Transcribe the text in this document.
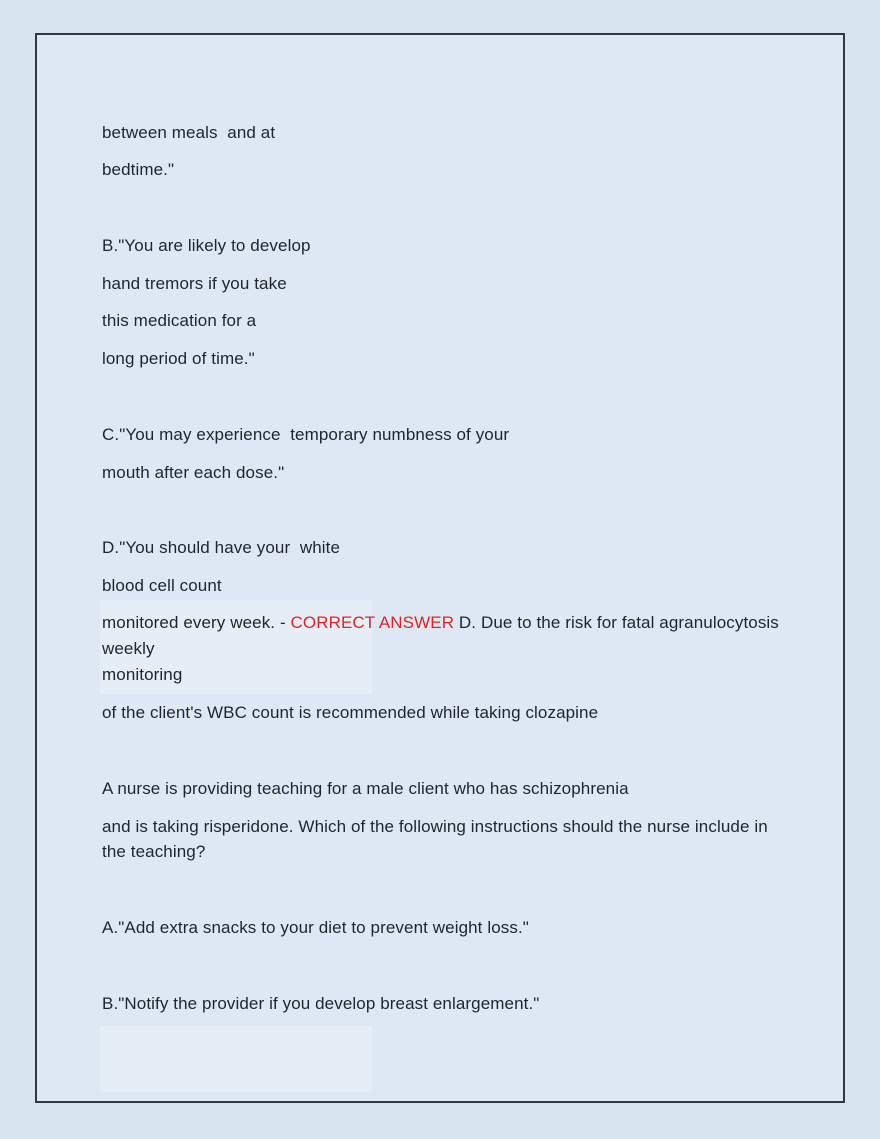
between meals  and at
bedtime."
B."You are likely to develop
hand tremors if you take
this medication for a
long period of time."
C."You may experience  temporary numbness of your
mouth after each dose."
D."You should have your  white
blood cell count
monitored every week. - CORRECT ANSWER D. Due to the risk for fatal agranulocytosis
weekly
monitoring
of the client's WBC count is recommended while taking clozapine
A nurse is providing teaching for a male client who has schizophrenia
and is taking risperidone. Which of the following instructions should the nurse include in
the teaching?
A."Add extra snacks to your diet to prevent weight loss."
B."Notify the provider if you develop breast enlargement."
